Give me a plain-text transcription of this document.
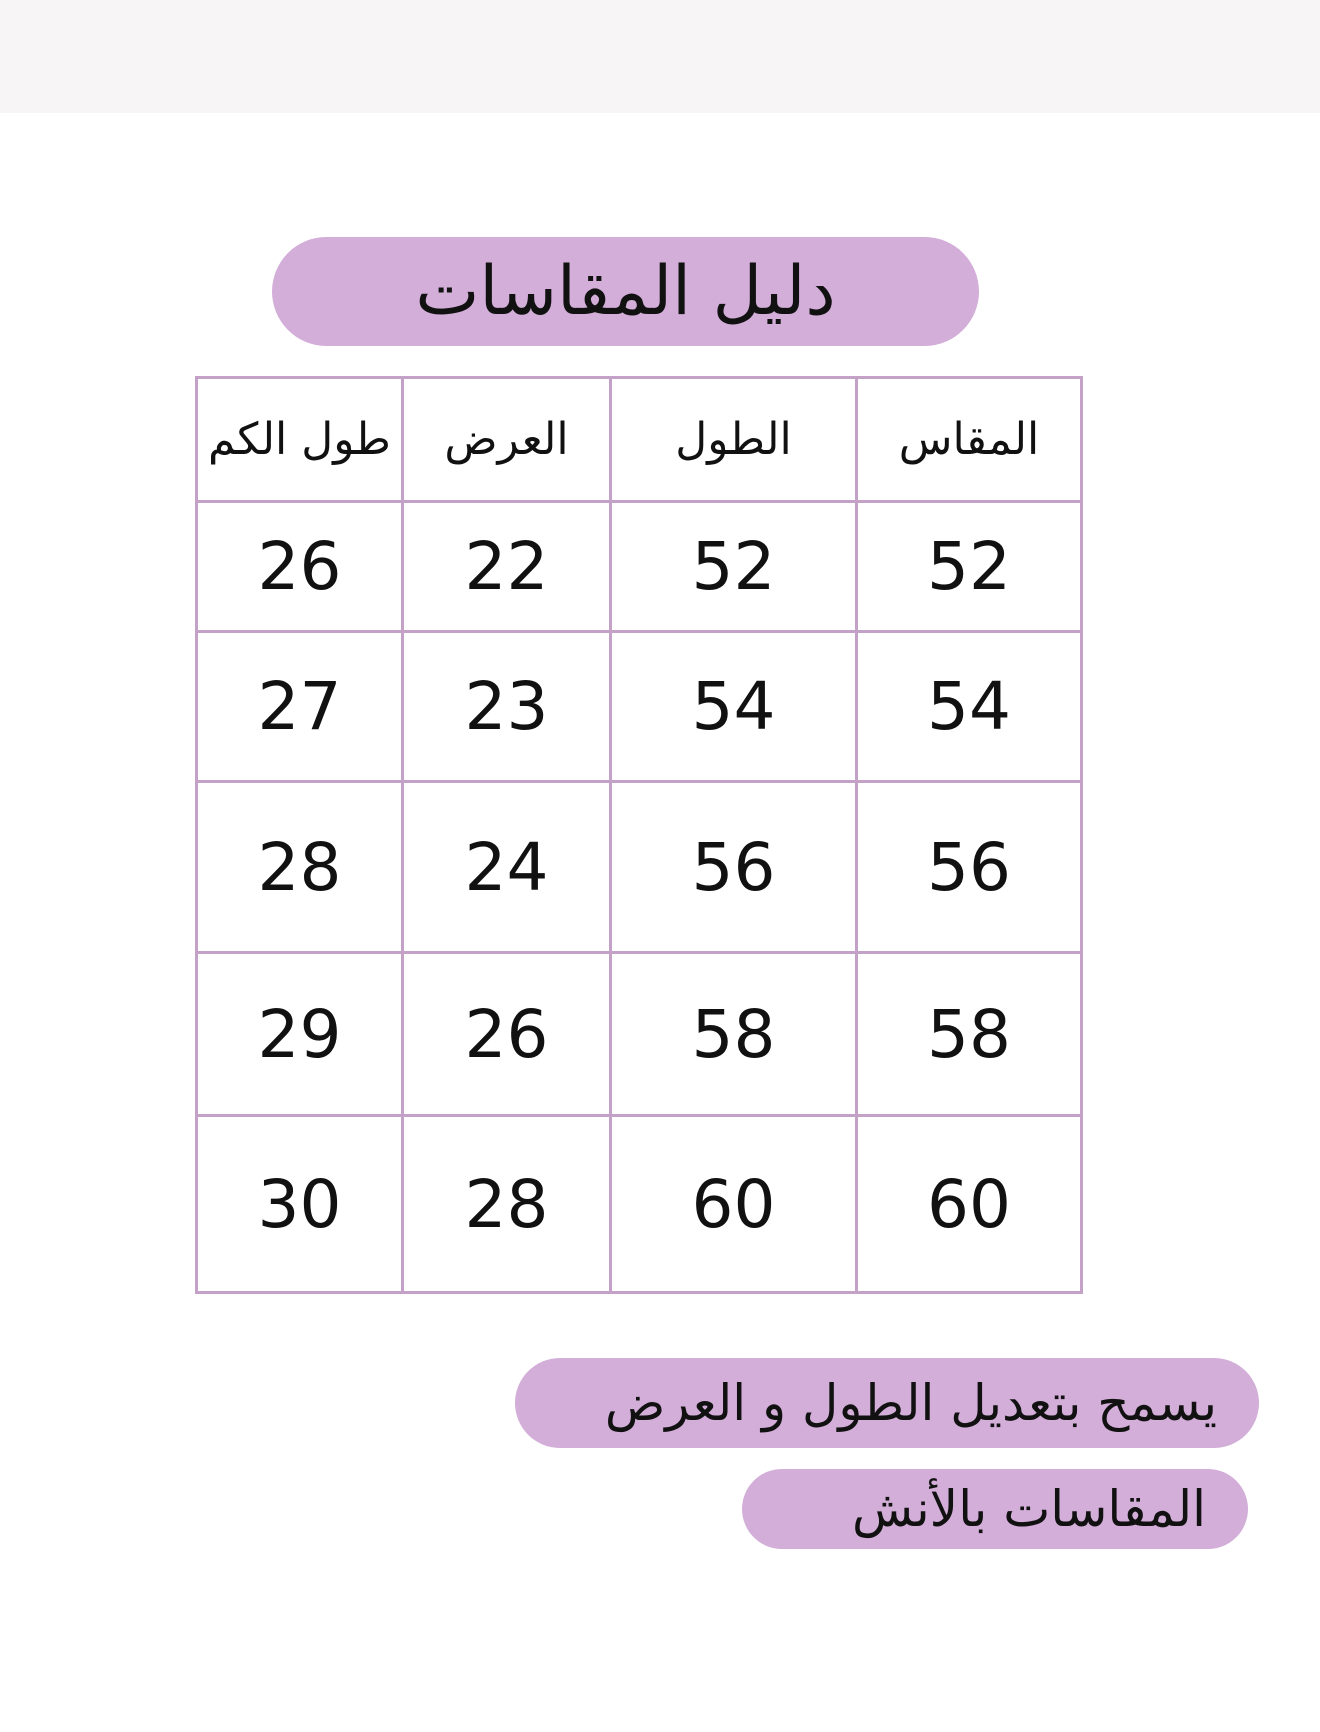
دليل المقاسات
المقاس	الطول	العرض	طول الكم
52	52	22	26
54	54	23	27
56	56	24	28
58	58	26	29
60	60	28	30
يسمح بتعديل الطول و العرض
المقاسات بالأنش
